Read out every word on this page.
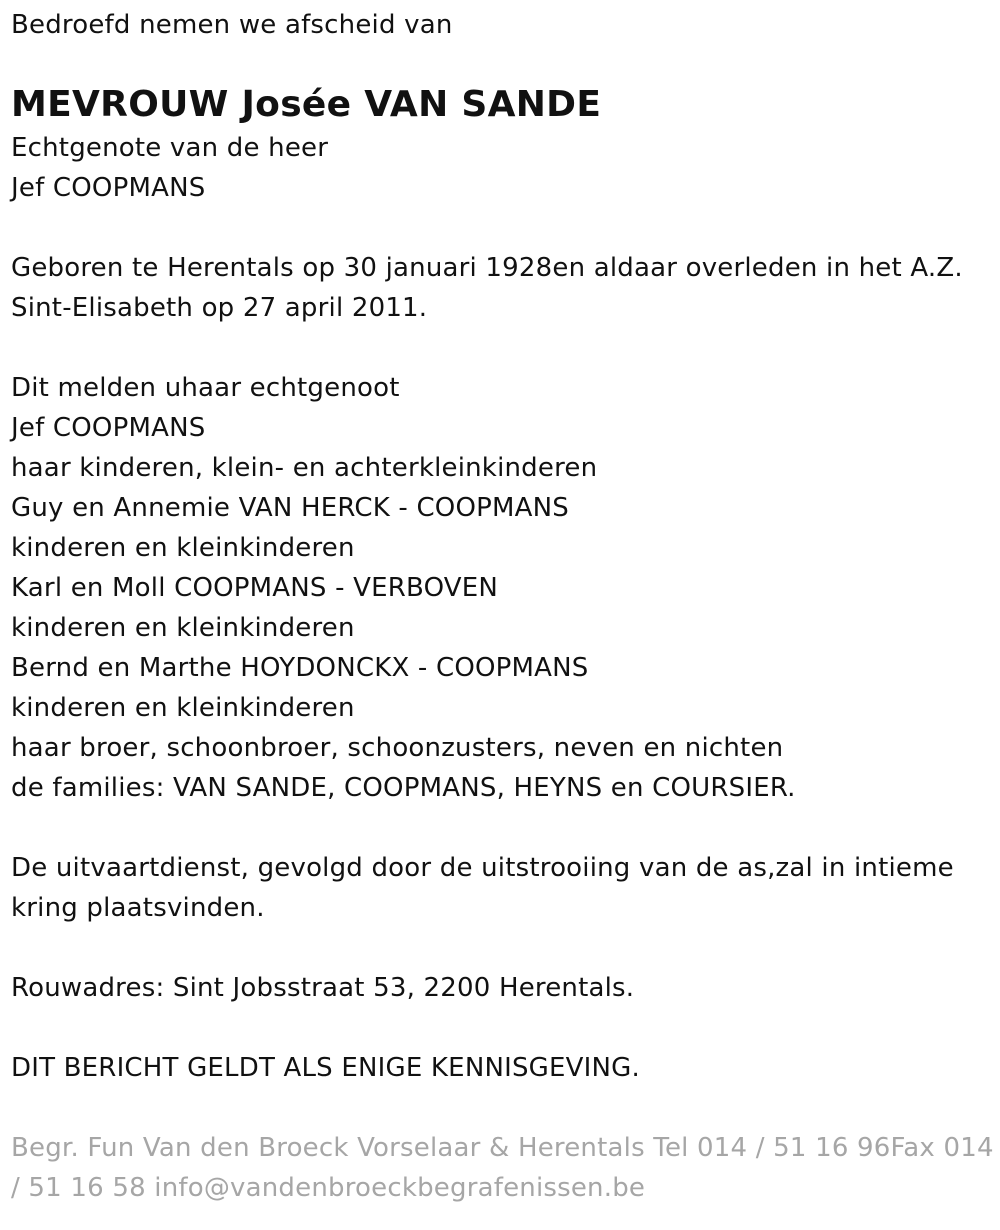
Bedroefd nemen we afscheid van
MEVROUW Josée VAN SANDE
Echtgenote van de heer
Jef COOPMANS
Geboren te Herentals op 30 januari 1928en aldaar overleden in het A.Z. Sint-Elisabeth op 27 april 2011.
Dit melden uhaar echtgenoot
Jef COOPMANS
haar kinderen, klein- en achterkleinkinderen
Guy en Annemie VAN HERCK - COOPMANS
kinderen en kleinkinderen
Karl en Moll COOPMANS - VERBOVEN
kinderen en kleinkinderen
Bernd en Marthe HOYDONCKX - COOPMANS
kinderen en kleinkinderen
haar broer, schoonbroer, schoonzusters, neven en nichten
de families: VAN SANDE, COOPMANS, HEYNS en COURSIER.
De uitvaartdienst, gevolgd door de uitstrooiing van de as,zal in intieme kring plaatsvinden.
Rouwadres: Sint Jobsstraat 53, 2200 Herentals.
DIT BERICHT GELDT ALS ENIGE KENNISGEVING.
Begr. Fun Van den Broeck Vorselaar & Herentals Tel 014 / 51 16 96Fax 014 / 51 16 58 info@vandenbroeckbegrafenissen.be
